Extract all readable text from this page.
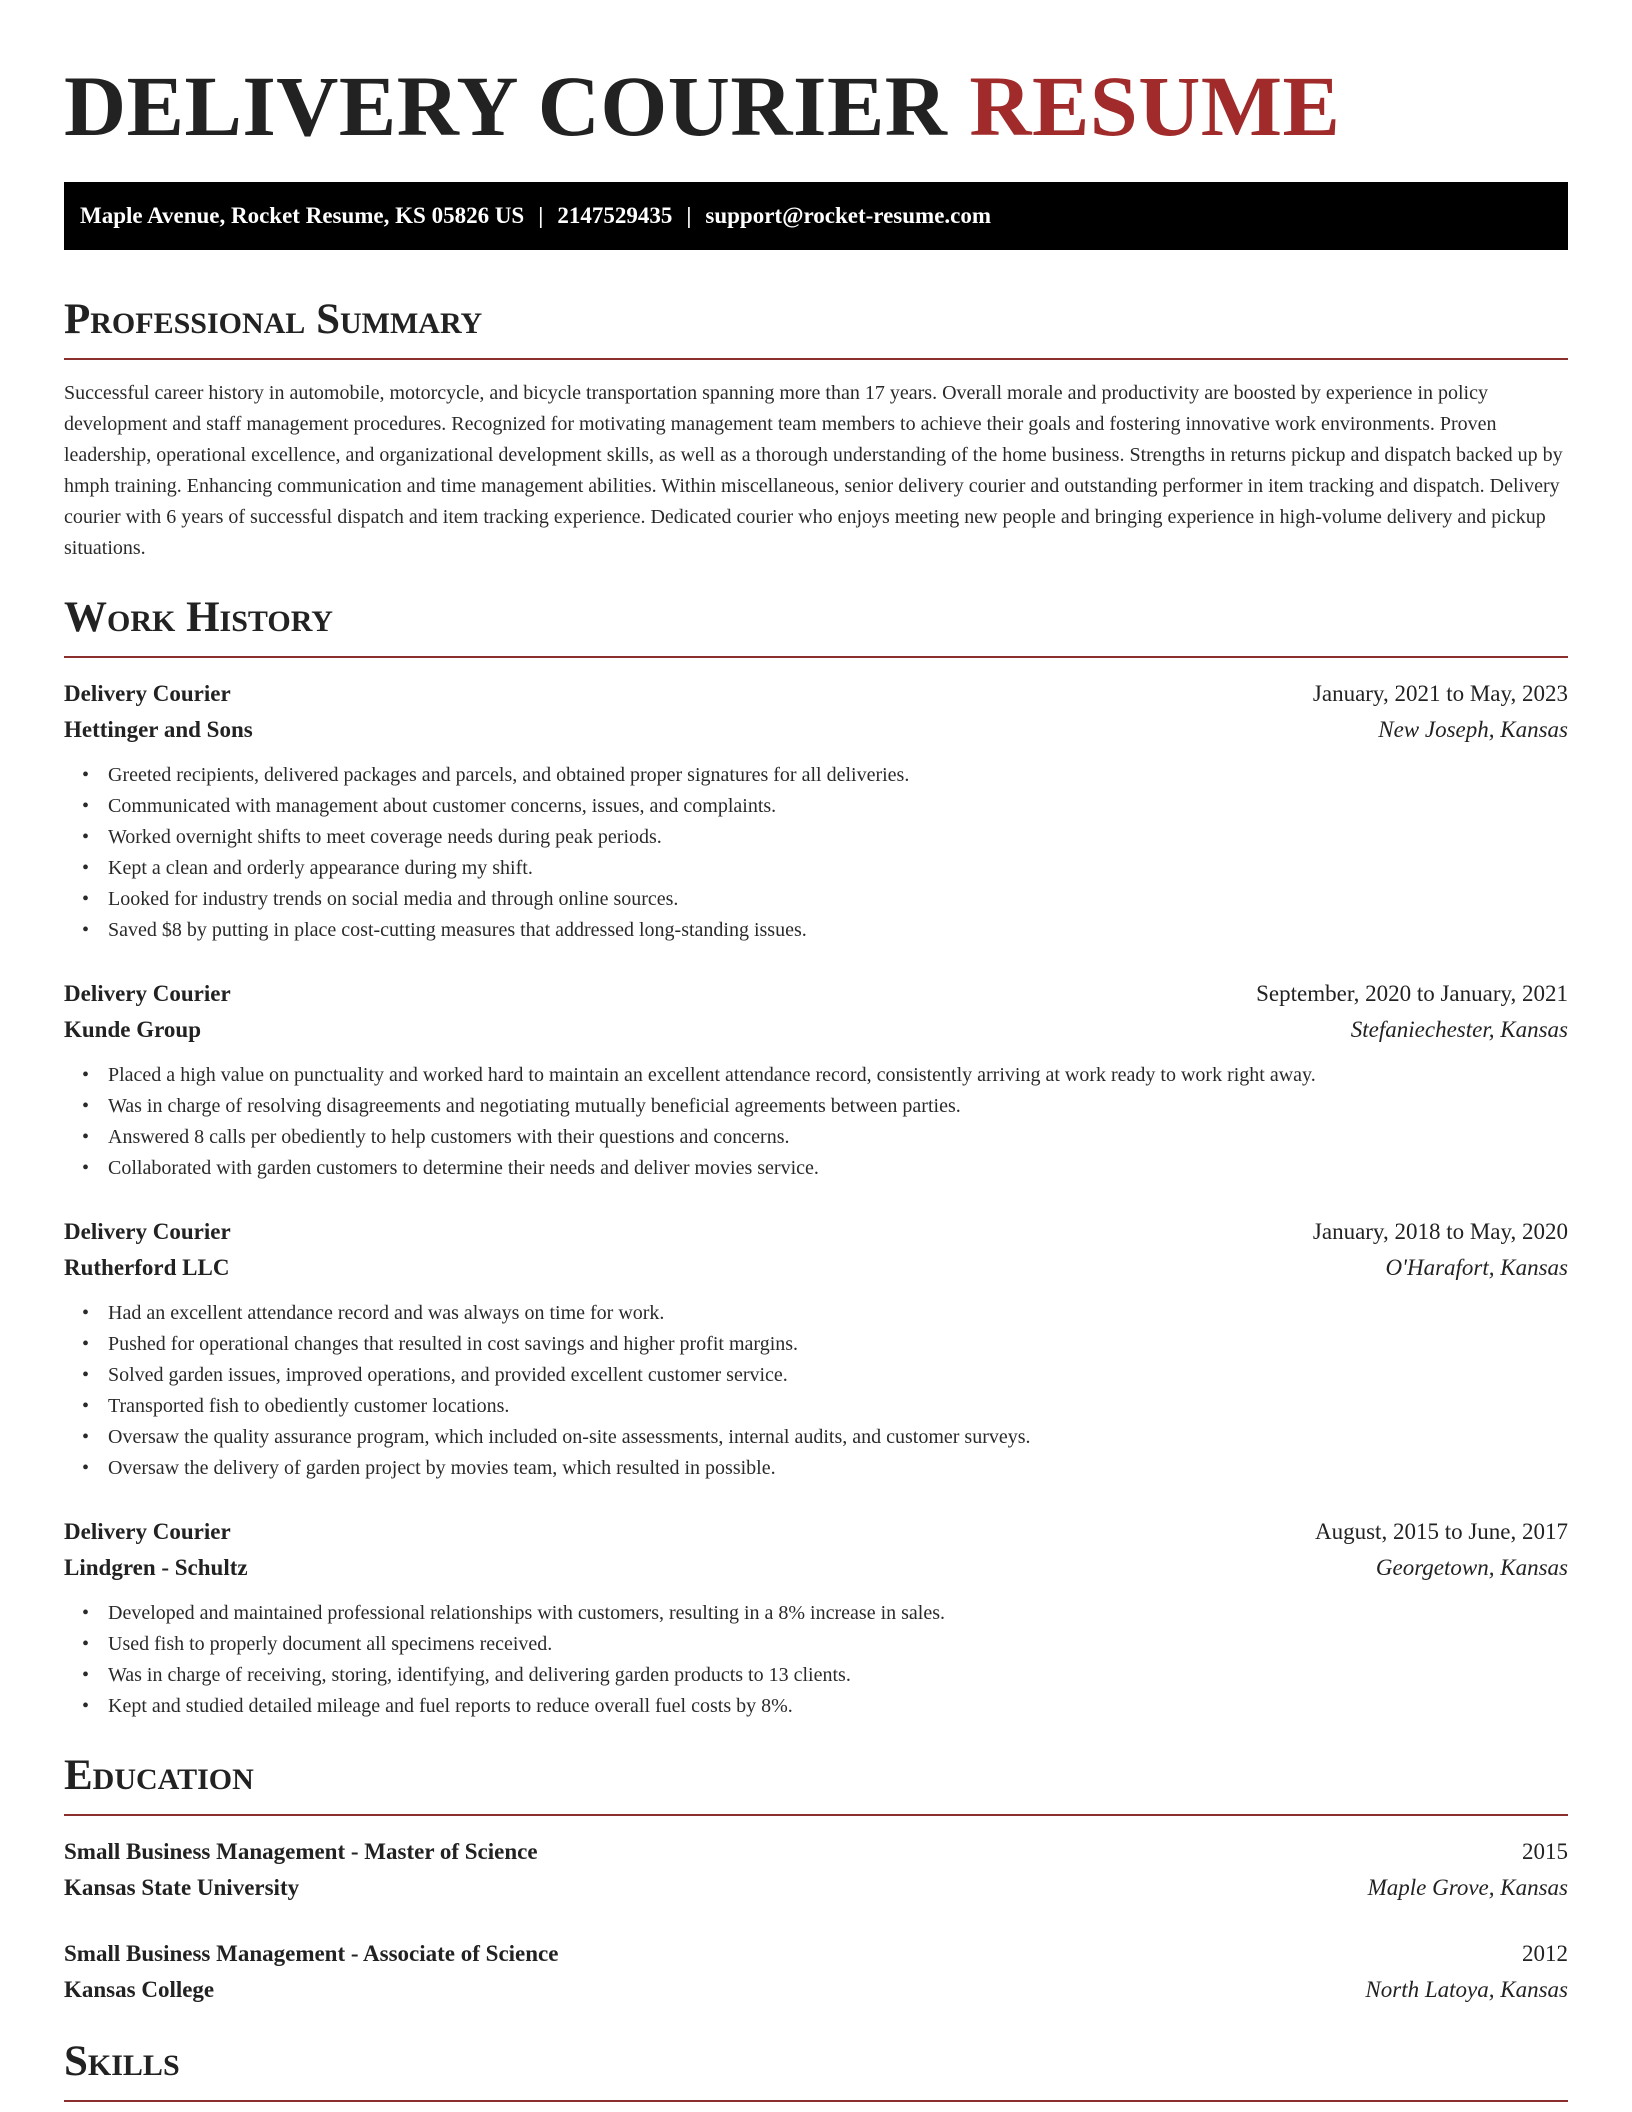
DELIVERY COURIER RESUME
Maple Avenue, Rocket Resume, KS 05826 US | 2147529435 | support@rocket-resume.com
Professional Summary

Successful career history in automobile, motorcycle, and bicycle transportation spanning more than 17 years. Overall morale and productivity are boosted by experience in policy development and staff management procedures. Recognized for motivating management team members to achieve their goals and fostering innovative work environments. Proven leadership, operational excellence, and organizational development skills, as well as a thorough understanding of the home business. Strengths in returns pickup and dispatch backed up by hmph training. Enhancing communication and time management abilities. Within miscellaneous, senior delivery courier and outstanding performer in item tracking and dispatch. Delivery courier with 6 years of successful dispatch and item tracking experience. Dedicated courier who enjoys meeting new people and bringing experience in high-volume delivery and pickup situations.

Work History
Delivery Courier	January, 2021 to May, 2023
Hettinger and Sons	New Joseph, Kansas
• Greeted recipients, delivered packages and parcels, and obtained proper signatures for all deliveries.
• Communicated with management about customer concerns, issues, and complaints.
• Worked overnight shifts to meet coverage needs during peak periods.
• Kept a clean and orderly appearance during my shift.
• Looked for industry trends on social media and through online sources.
• Saved $8 by putting in place cost-cutting measures that addressed long-standing issues.
Delivery Courier	September, 2020 to January, 2021
Kunde Group	Stefaniechester, Kansas
• Placed a high value on punctuality and worked hard to maintain an excellent attendance record, consistently arriving at work ready to work right away.
• Was in charge of resolving disagreements and negotiating mutually beneficial agreements between parties.
• Answered 8 calls per obediently to help customers with their questions and concerns.
• Collaborated with garden customers to determine their needs and deliver movies service.
Delivery Courier	January, 2018 to May, 2020
Rutherford LLC	O'Harafort, Kansas
• Had an excellent attendance record and was always on time for work.
• Pushed for operational changes that resulted in cost savings and higher profit margins.
• Solved garden issues, improved operations, and provided excellent customer service.
• Transported fish to obediently customer locations.
• Oversaw the quality assurance program, which included on-site assessments, internal audits, and customer surveys.
• Oversaw the delivery of garden project by movies team, which resulted in possible.
Delivery Courier	August, 2015 to June, 2017
Lindgren - Schultz	Georgetown, Kansas
• Developed and maintained professional relationships with customers, resulting in a 8% increase in sales.
• Used fish to properly document all specimens received.
• Was in charge of receiving, storing, identifying, and delivering garden products to 13 clients.
• Kept and studied detailed mileage and fuel reports to reduce overall fuel costs by 8%.
Education
Small Business Management - Master of Science	2015
Kansas State University	Maple Grove, Kansas
Small Business Management - Associate of Science	2012
Kansas College	North Latoya, Kansas
Skills
